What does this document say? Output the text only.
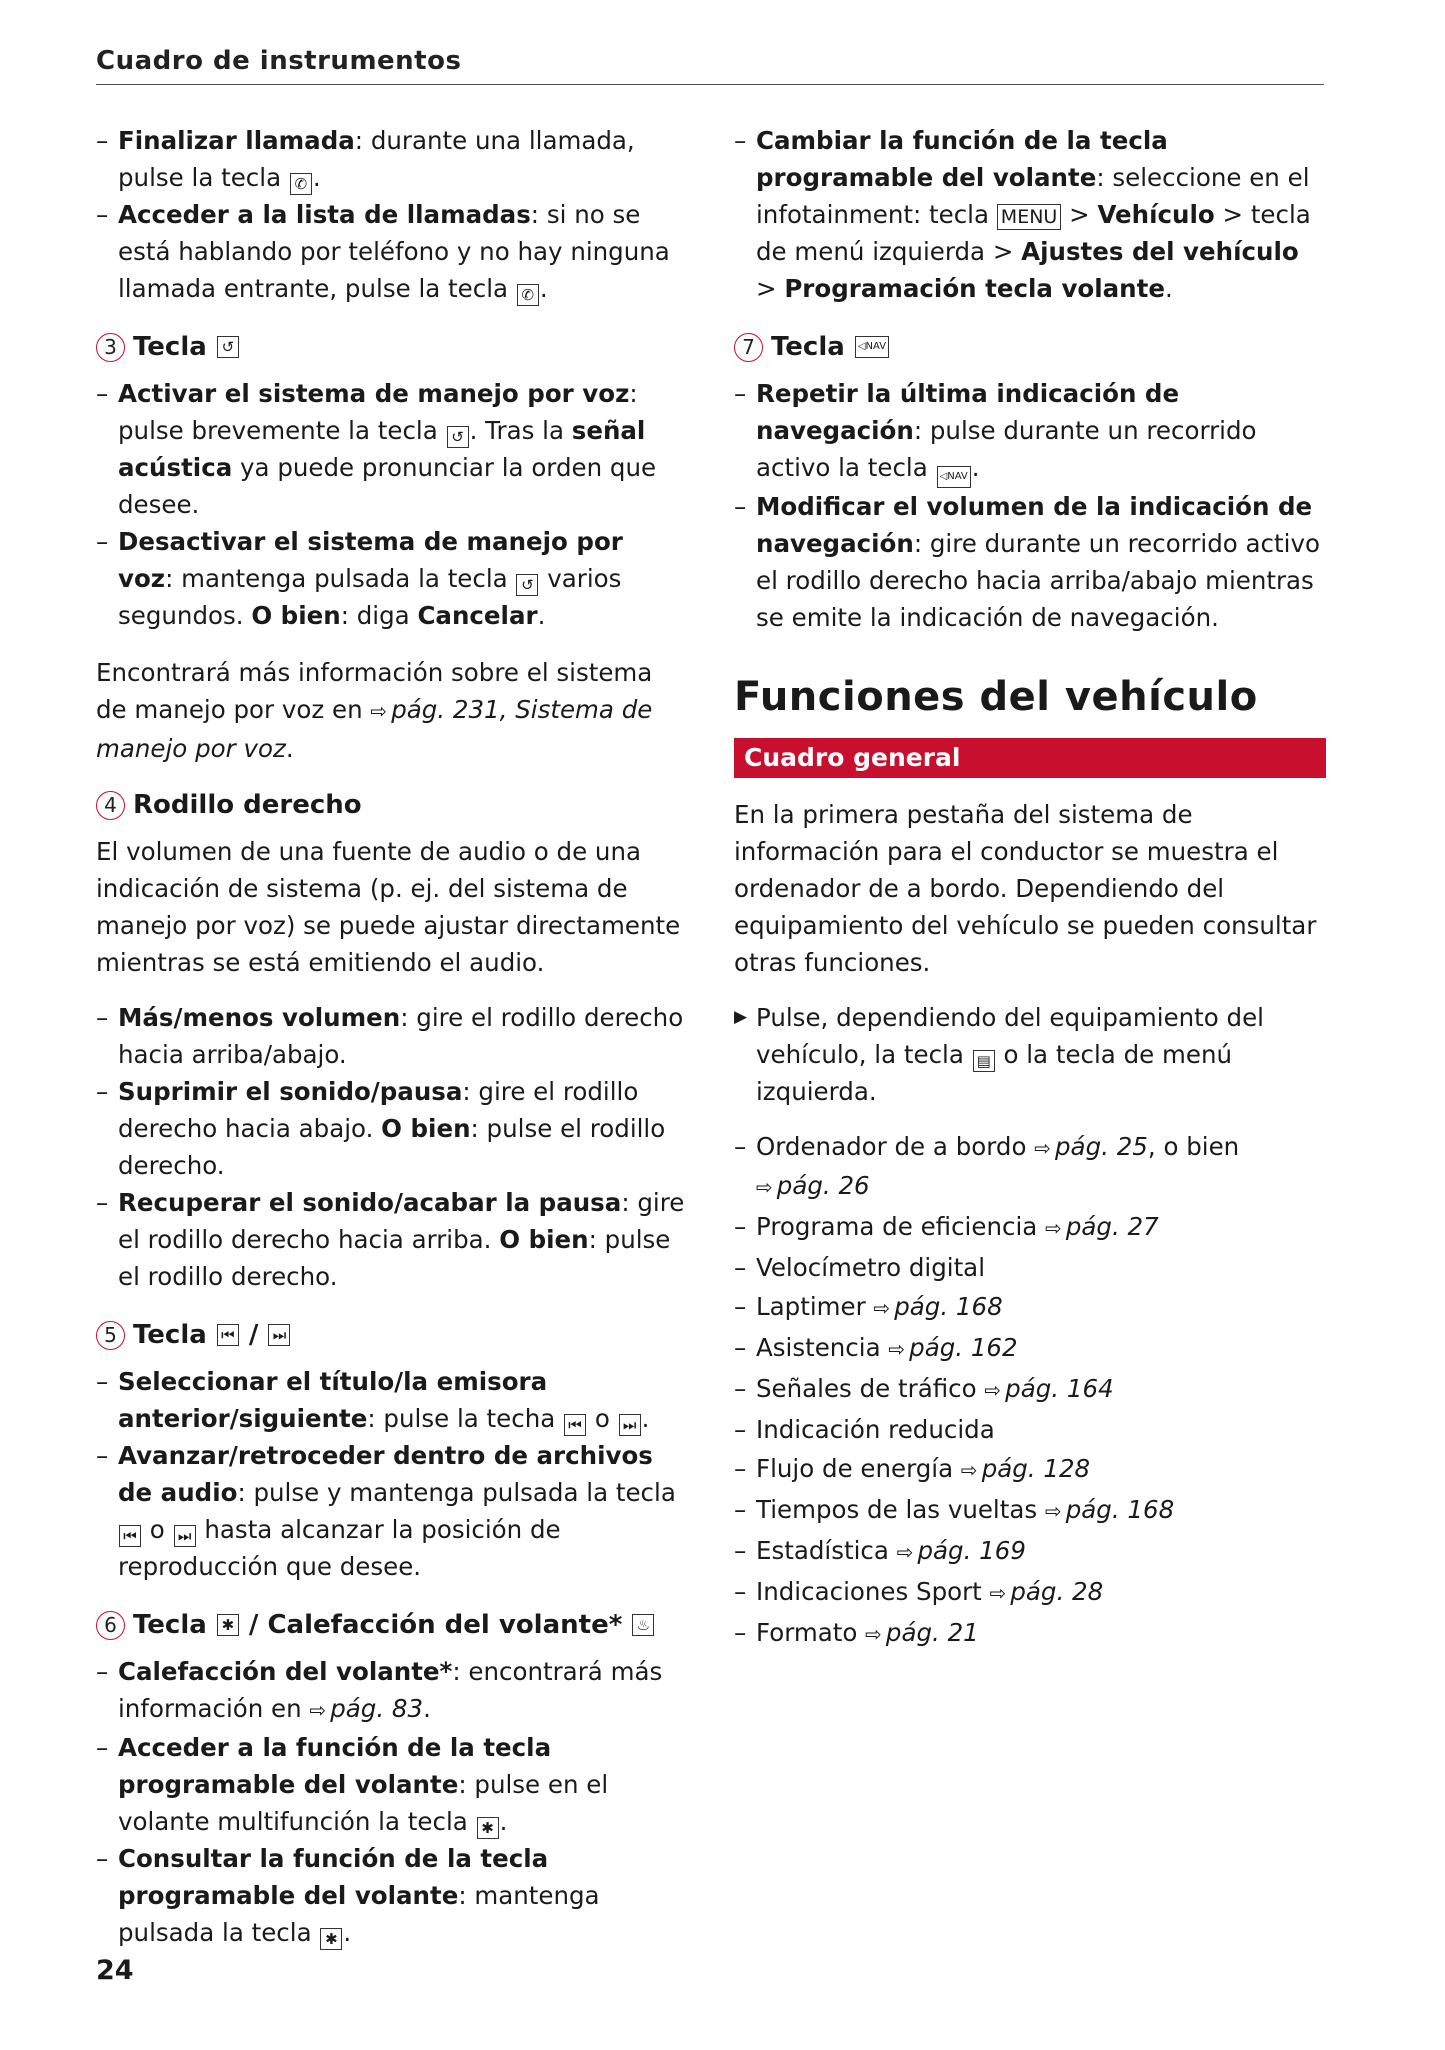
Cuadro de instrumentos
– Finalizar llamada: durante una llamada, pulse la tecla ✆ .
– Acceder a la lista de llamadas: si no se está hablando por teléfono y no hay ninguna llamada entrante, pulse la tecla ✆ .
3 Tecla
↺
– Activar el sistema de manejo por voz: pulse brevemente la tecla ↺ . Tras la señal acústica ya puede pronunciar la orden que desee.
– Desactivar el sistema de manejo por voz: mantenga pulsada la tecla ↺ varios segundos. O bien: diga Cancelar.
Encontrará más información sobre el sistema de manejo por voz en ⇨ pág. 231, Sistema de manejo por voz.
4 Rodillo derecho
El volumen de una fuente de audio o de una indicación de sistema (p. ej. del sistema de manejo por voz) se puede ajustar directamente mientras se está emitiendo el audio.
– Más/menos volumen: gire el rodillo derecho hacia arriba/abajo.
– Suprimir el sonido/pausa: gire el rodillo derecho hacia abajo. O bien: pulse el rodillo derecho.
– Recuperar el sonido/acabar la pausa: gire el rodillo derecho hacia arriba. O bien: pulse el rodillo derecho.
5 Tecla
⏮
/
⏭
– Seleccionar el título/la emisora anterior/siguiente: pulse la techa ⏮ o ⏭ .
– Avanzar/retroceder dentro de archivos de audio: pulse y mantenga pulsada la tecla ⏮ o ⏭ hasta alcanzar la posición de reproducción que desee.
6 Tecla
✱
/ Calefacción del volante*
♨
– Calefacción del volante*: encontrará más información en ⇨ pág. 83.
– Acceder a la función de la tecla programable del volante: pulse en el volante multifunción la tecla ✱ .
– Consultar la función de la tecla programable del volante: mantenga pulsada la tecla ✱ .
– Cambiar la función de la tecla programable del volante: seleccione en el infotainment: tecla MENU > Vehículo > tecla de menú izquierda > Ajustes del vehículo > Programación tecla volante.
7 Tecla
	◁NAV
– Repetir la última indicación de navegación: pulse durante un recorrido activo la tecla ◁NAV .
– Modificar el volumen de la indicación de navegación: gire durante un recorrido activo el rodillo derecho hacia arriba/abajo mientras se emite la indicación de navegación.
Funciones del vehículo
Cuadro general
En la primera pestaña del sistema de información para el conductor se muestra el ordenador de a bordo. Dependiendo del equipamiento del vehículo se pueden consultar otras funciones.
▶ Pulse, dependiendo del equipamiento del vehículo, la tecla ▤ o la tecla de menú izquierda.
– Ordenador de a bordo ⇨ pág. 25, o bien
⇨ pág. 26
– Programa de eficiencia ⇨ pág. 27
– Velocímetro digital
– Laptimer ⇨ pág. 168
– Asistencia ⇨ pág. 162
– Señales de tráfico ⇨ pág. 164
– Indicación reducida
– Flujo de energía ⇨ pág. 128
– Tiempos de las vueltas ⇨ pág. 168
– Estadística ⇨ pág. 169
– Indicaciones Sport ⇨ pág. 28
– Formato ⇨ pág. 21
24
